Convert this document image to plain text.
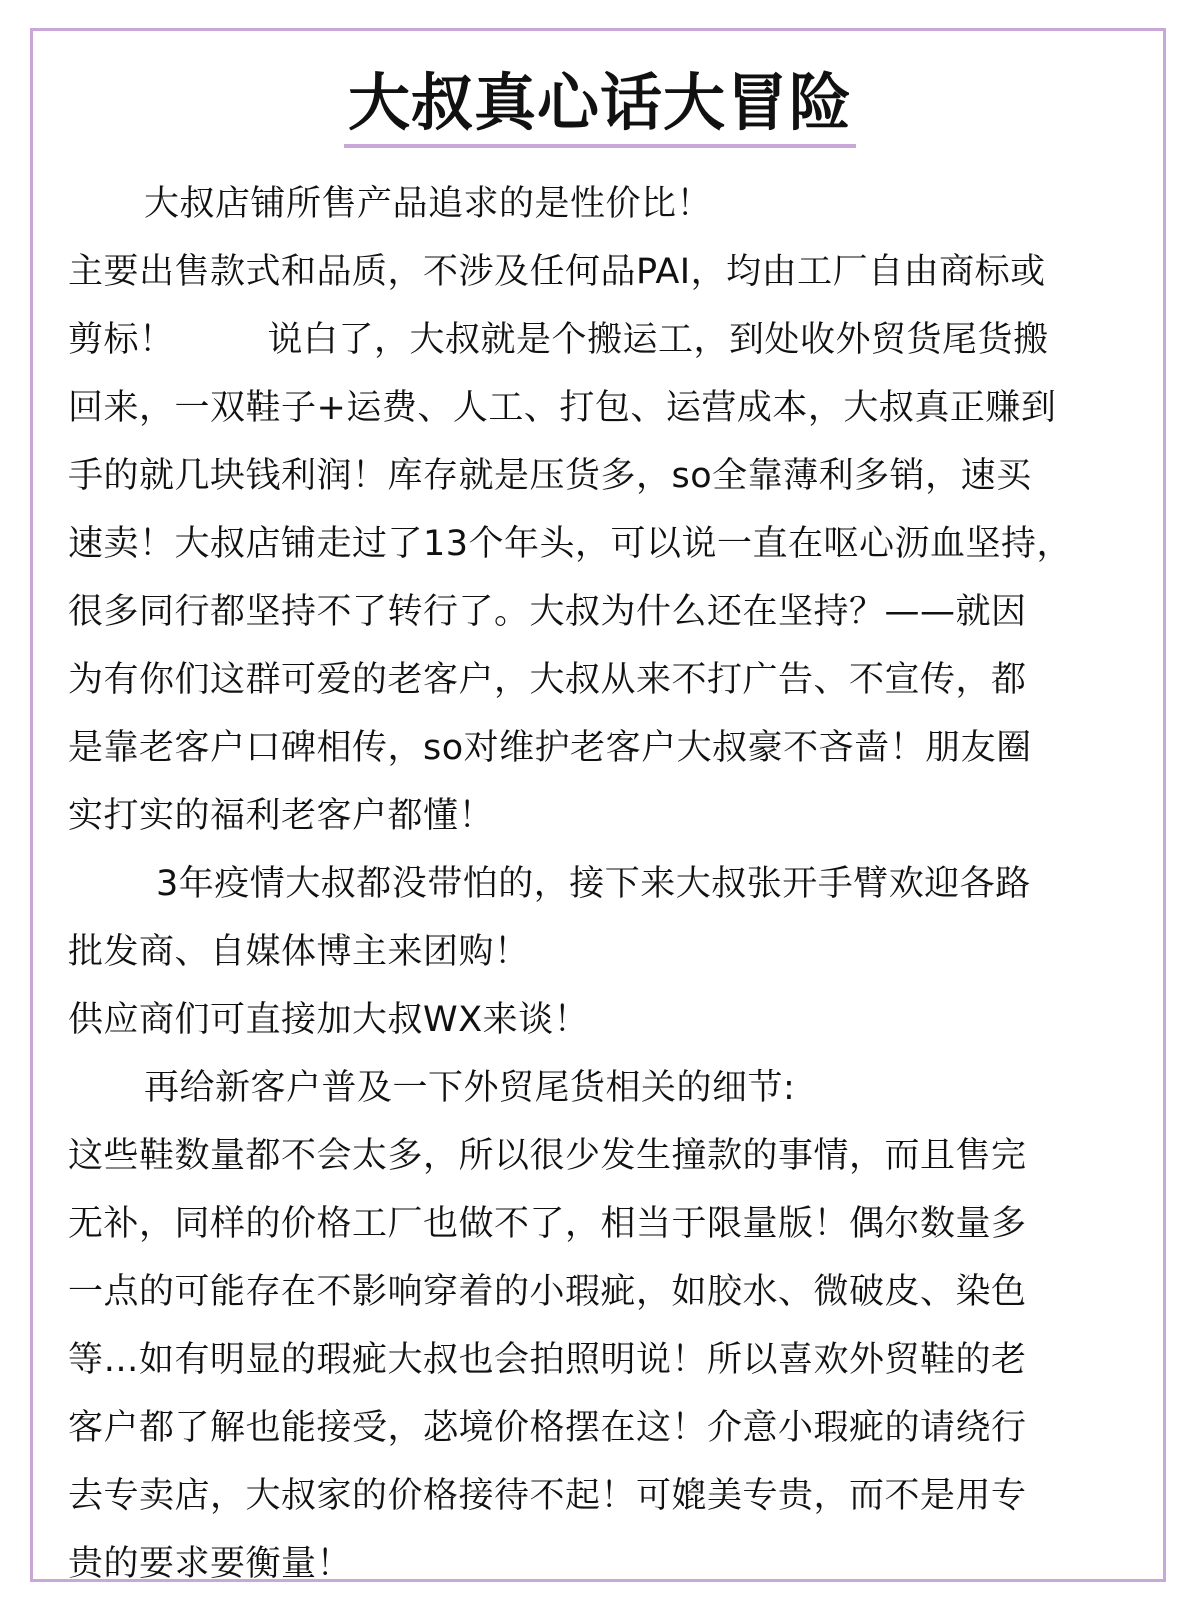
大叔真心话大冒险
大叔店铺所售产品追求的是性价比！
主要出售款式和品质，不涉及任何品PAI，均由工厂自由商标或
剪标！        说白了，大叔就是个搬运工，到处收外贸货尾货搬
回来，一双鞋子+运费、人工、打包、运营成本，大叔真正赚到
手的就几块钱利润！库存就是压货多，so全靠薄利多销，速买
速卖！大叔店铺走过了13个年头，可以说一直在呕心沥血坚持，
很多同行都坚持不了转行了。大叔为什么还在坚持？——就因
为有你们这群可爱的老客户，大叔从来不打广告、不宣传，都
是靠老客户口碑相传，so对维护老客户大叔豪不吝啬！朋友圈
实打实的福利老客户都懂！
3年疫情大叔都没带怕的，接下来大叔张开手臂欢迎各路
批发商、自媒体博主来团购！
供应商们可直接加大叔WX来谈！
再给新客户普及一下外贸尾货相关的细节:
这些鞋数量都不会太多，所以很少发生撞款的事情，而且售完
无补，同样的价格工厂也做不了，相当于限量版！偶尔数量多
一点的可能存在不影响穿着的小瑕疵，如胶水、微破皮、染色
等…如有明显的瑕疵大叔也会拍照明说！所以喜欢外贸鞋的老
客户都了解也能接受，苾境价格摆在这！介意小瑕疵的请绕行
去专卖店，大叔家的价格接待不起！可媲美专贵，而不是用专
贵的要求要衡量！
